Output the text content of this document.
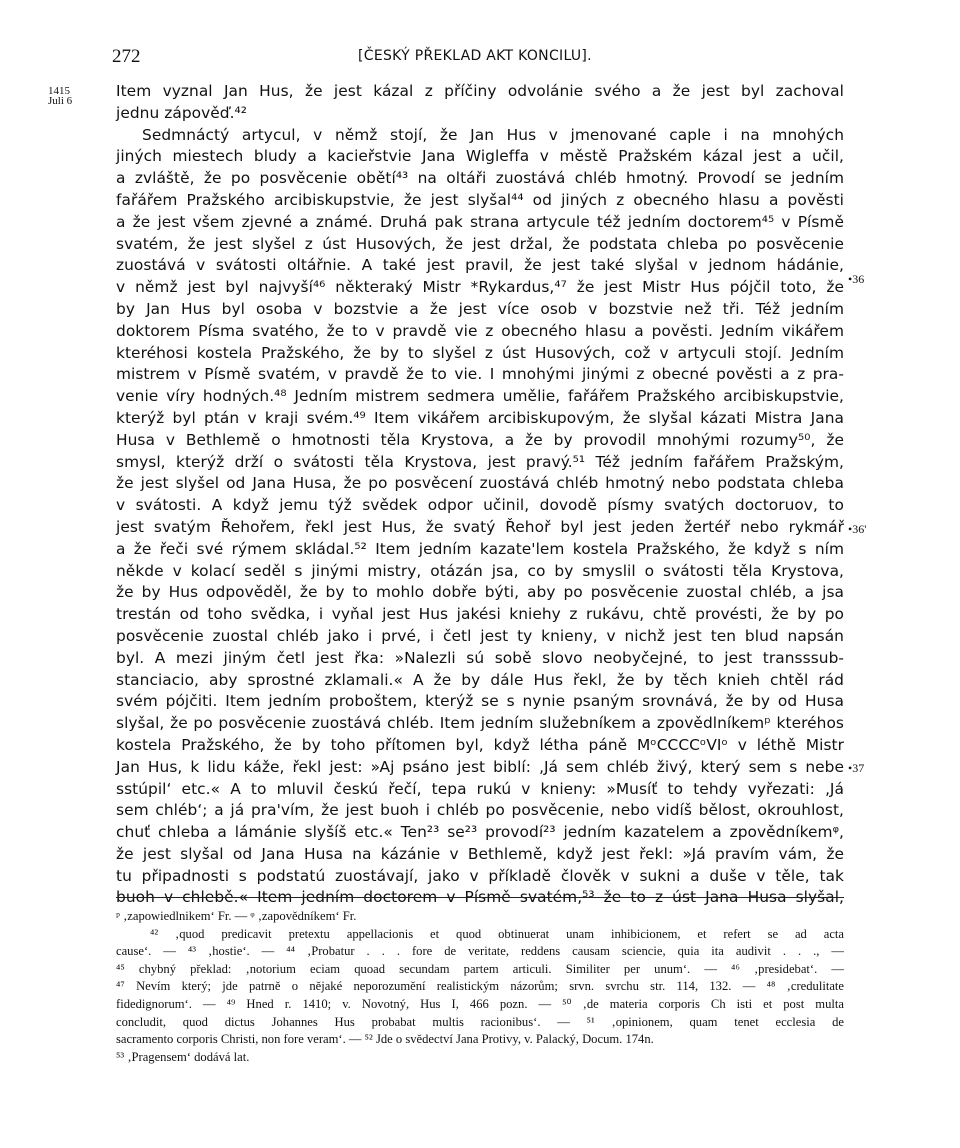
272	[ČESKÝ PŘEKLAD AKT KONCILU].
1415
Juli 6
Item vyznal Jan Hus, že jest kázal z příčiny odvolánie svého a že jest byl zachoval
jednu zápověď.⁴²
Sedmnáctý artycul, v němž stojí, že Jan Hus v jmenované caple i na mnohých
jiných miestech bludy a kacieřstvie Jana Wigleffa v městě Pražském kázal jest a učil,
a zvláště, že po posvěcenie obětí⁴³ na oltáři zuostává chléb hmotný. Provodí se jedním
fařářem Pražského arcibiskupstvie, že jest slyšal⁴⁴ od jiných z obecného hlasu a pověsti
a že jest všem zjevné a známé. Druhá pak strana artycule též jedním doctorem⁴⁵ v Písmě
svatém, že jest slyšel z úst Husových, že jest držal, že podstata chleba po posvěcenie
zuostává v svátosti oltářnie. A také jest pravil, že jest také slyšal v jednom hádánie,
v němž jest byl najvyší⁴⁶ některaký Mistr *Rykardus,⁴⁷ že jest Mistr Hus pójčil toto, že
by Jan Hus byl osoba v bozstvie a že jest více osob v bozstvie než tři. Též jedním
doktorem Písma svatého, že to v pravdě vie z obecného hlasu a pověsti. Jedním vikářem
kteréhosi kostela Pražského, že by to slyšel z úst Husových, což v artyculi stojí. Jedním
mistrem v Písmě svatém, v pravdě že to vie. I mnohými jinými z obecné pověsti a z pra-
venie víry hodných.⁴⁸ Jedním mistrem sedmera umělie, fařářem Pražského arcibiskupstvie,
kterýž byl ptán v kraji svém.⁴⁹ Item vikářem arcibiskupovým, že slyšal kázati Mistra Jana
Husa v Bethlemě o hmotnosti těla Krystova, a že by provodil mnohými rozumy⁵⁰, že
smysl, kterýž drží o svátosti těla Krystova, jest pravý.⁵¹ Též jedním fařářem Pražským,
že jest slyšel od Jana Husa, že po posvěcení zuostává chléb hmotný nebo podstata chleba
v svátosti. A když jemu týž svědek odpor učinil, dovodě písmy svatých doctoruov, to
jest svatým Řehořem, řekl jest Hus, že svatý Řehoř byl jest jeden žertéř nebo rykmář
a že řeči své rýmem skládal.⁵² Item jedním kazate'lem kostela Pražského, že když s ním
někde v kolací seděl s jinými mistry, otázán jsa, co by smyslil o svátosti těla Krystova,
že by Hus odpověděl, že by to mohlo dobře býti, aby po posvěcenie zuostal chléb, a jsa
trestán od toho svědka, i vyňal jest Hus jakési kniehy z rukávu, chtě provésti, že by po
posvěcenie zuostal chléb jako i prvé, i četl jest ty knieny, v nichž jest ten blud napsán
byl. A mezi jiným četl jest řka: »Nalezli sú sobě slovo neobyčejné, to jest transssub-
stanciacio, aby sprostné zklamali.« A že by dále Hus řekl, že by těch knieh chtěl rád
svém pójčiti. Item jedním proboštem, kterýž se s nynie psaným srovnává, že by od Husa
slyšal, že po posvěcenie zuostává chléb. Item jedním služebníkem a zpovědlníkemᵖ kteréhos
kostela Pražského, že by toho přítomen byl, když létha páně MᵒCCCCᵒVIᵒ v léthě Mistr
Jan Hus, k lidu káže, řekl jest: »Aj psáno jest biblí: ‚Já sem chléb živý, který sem s nebe
sstúpil‘ etc.« A to mluvil českú řečí, tepa rukú v knieny: »Musíť to tehdy vyřezati: ‚Já
sem chléb‘; a já pra'vím, že jest buoh i chléb po posvěcenie, nebo vidíš bělost, okrouhlost,
chuť chleba a lámánie slyšíš etc.« Ten²³ se²³ provodí²³ jedním kazatelem a zpovědníkemᵠ,
že jest slyšal od Jana Husa na kázánie v Bethlemě, když jest řekl: »Já pravím vám, že
tu připadnosti s podstatú zuostávají, jako v příkladě člověk v sukni a duše v těle, tak
buoh v chlebě.« Item jedním doctorem v Písmě svatém,⁵³ že to z úst Jana Husa slyšal,
•36
•36'
•37
ᵖ ‚zapowiedlnikem‘ Fr. — ᵠ ‚zapovědníkem‘ Fr.
⁴² ‚quod predicavit pretextu appellacionis et quod obtinuerat unam inhibicionem, et refert se ad acta
cause‘. — ⁴³ ‚hostie‘. — ⁴⁴ ‚Probatur . . . fore de veritate, reddens causam sciencie, quia ita audivit . . ., —
⁴⁵ chybný překlad: ‚notorium eciam quoad secundam partem articuli. Similiter per unum‘. — ⁴⁶ ‚presidebat‘. —
⁴⁷ Nevím který; jde patrně o nějaké neporozumění realistickým názorům; srvn. svrchu str. 114, 132. — ⁴⁸ ‚credulitate
fidedignorum‘. — ⁴⁹ Hned r. 1410; v. Novotný, Hus I, 466 pozn. — ⁵⁰ ‚de materia corporis Ch isti et post multa
concludit, quod dictus Johannes Hus probabat multis racionibus‘. — ⁵¹ ‚opinionem, quam tenet ecclesia de
sacramento corporis Christi, non fore veram‘. — ⁵² Jde o svědectví Jana Protivy, v. Palacký, Docum. 174n.
⁵³ ‚Pragensem‘ dodává lat.
